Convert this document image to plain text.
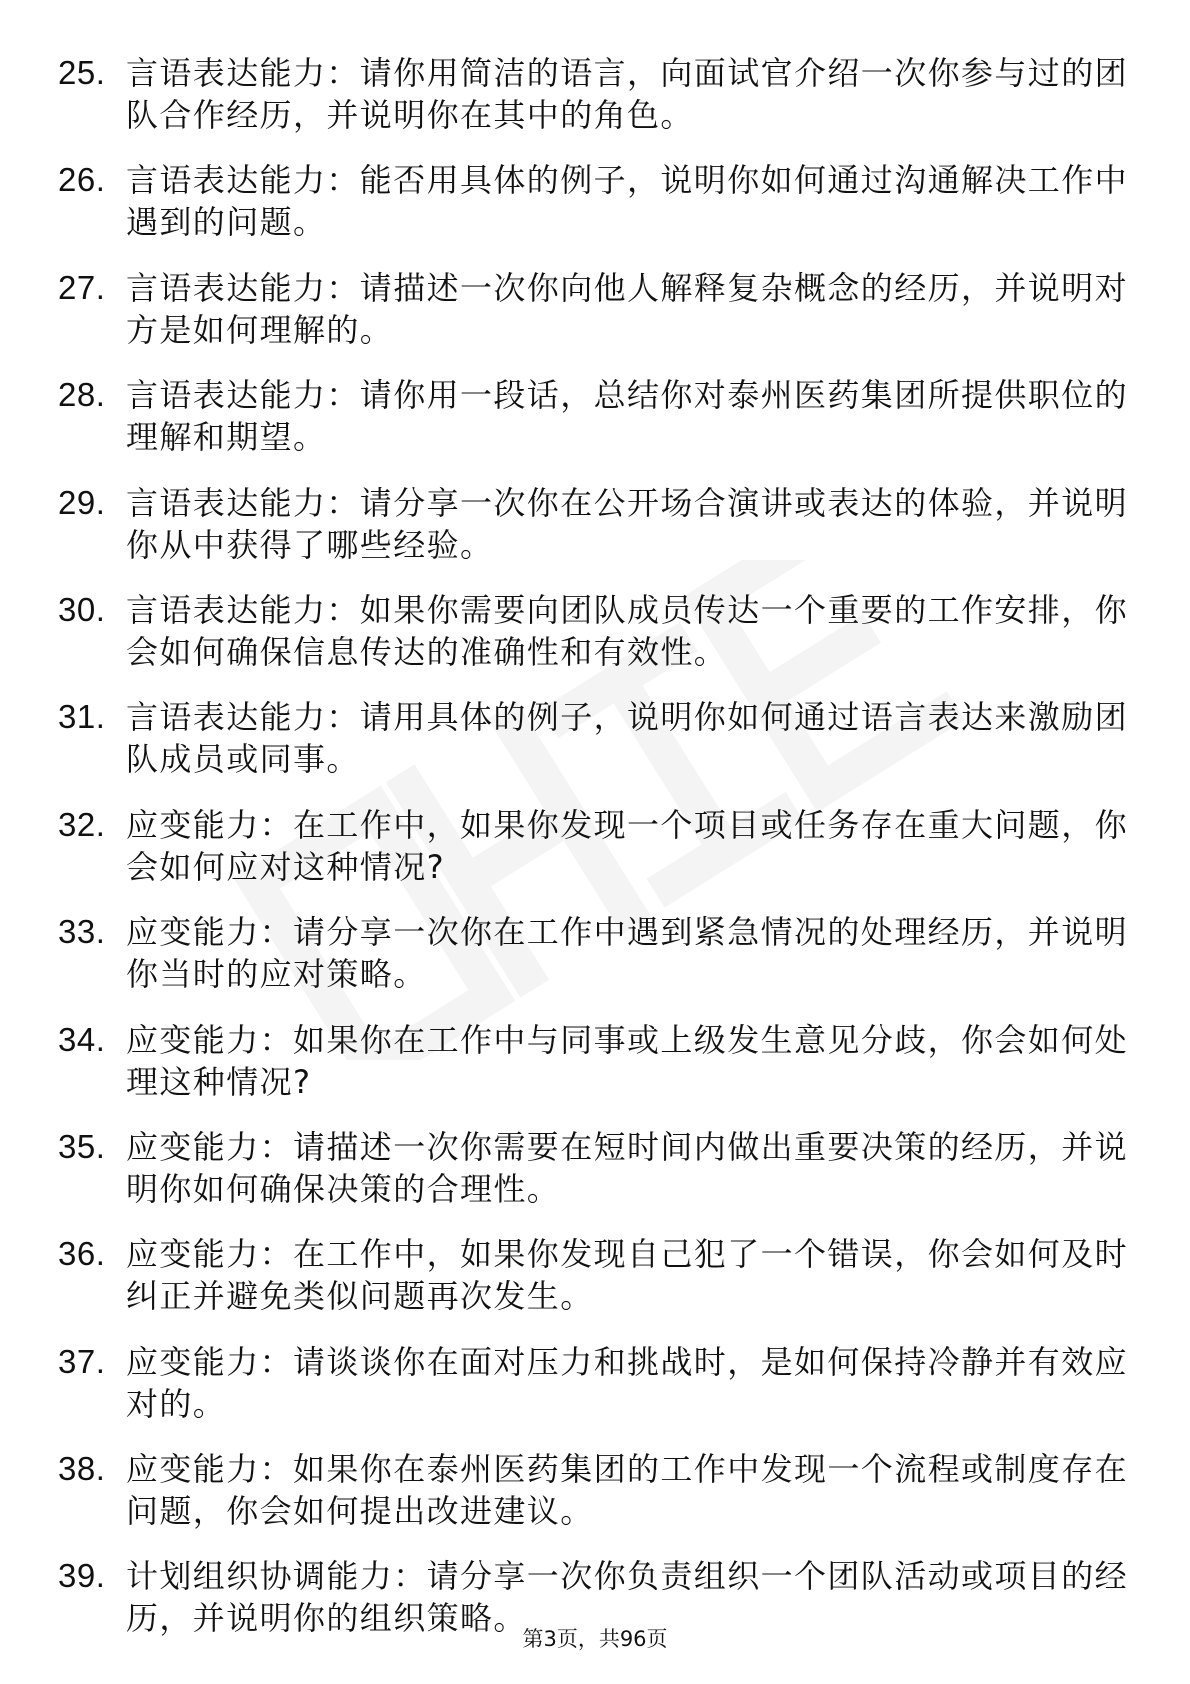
25. 言语表达能力：请你用简洁的语言，向面试官介绍一次你参与过的团队合作经历，并说明你在其中的角色。
26. 言语表达能力：能否用具体的例子，说明你如何通过沟通解决工作中遇到的问题。
27. 言语表达能力：请描述一次你向他人解释复杂概念的经历，并说明对方是如何理解的。
28. 言语表达能力：请你用一段话，总结你对泰州医药集团所提供职位的理解和期望。
29. 言语表达能力：请分享一次你在公开场合演讲或表达的体验，并说明你从中获得了哪些经验。
30. 言语表达能力：如果你需要向团队成员传达一个重要的工作安排，你会如何确保信息传达的准确性和有效性。
31. 言语表达能力：请用具体的例子，说明你如何通过语言表达来激励团队成员或同事。
32. 应变能力：在工作中，如果你发现一个项目或任务存在重大问题，你会如何应对这种情况?
33. 应变能力：请分享一次你在工作中遇到紧急情况的处理经历，并说明你当时的应对策略。
34. 应变能力：如果你在工作中与同事或上级发生意见分歧，你会如何处理这种情况?
35. 应变能力：请描述一次你需要在短时间内做出重要决策的经历，并说明你如何确保决策的合理性。
36. 应变能力：在工作中，如果你发现自己犯了一个错误，你会如何及时纠正并避免类似问题再次发生。
37. 应变能力：请谈谈你在面对压力和挑战时，是如何保持冷静并有效应对的。
38. 应变能力：如果你在泰州医药集团的工作中发现一个流程或制度存在问题，你会如何提出改进建议。
39. 计划组织协调能力：请分享一次你负责组织一个团队活动或项目的经历，并说明你的组织策略。
第3页，共96页
